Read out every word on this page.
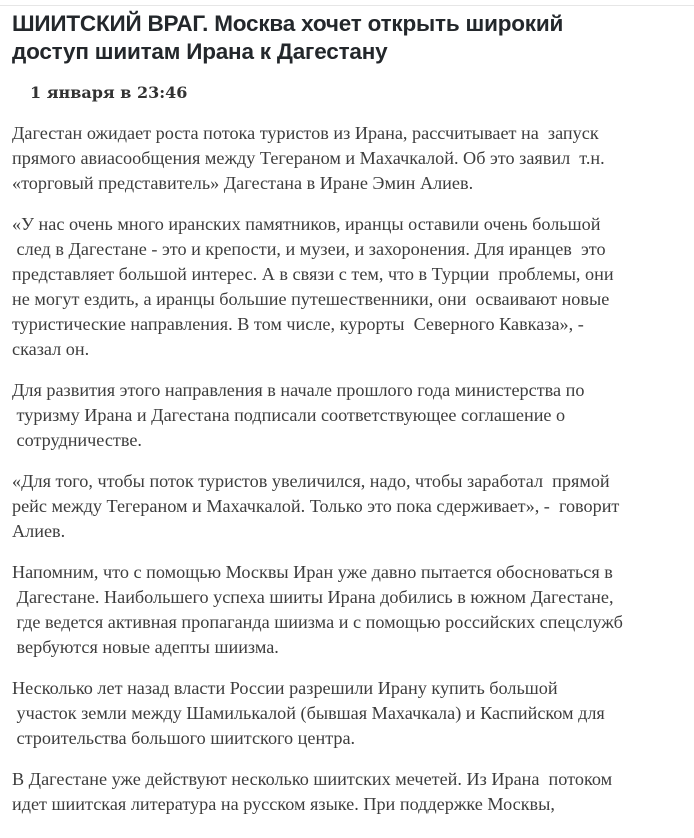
ШИИТСКИЙ ВРАГ. Москва хочет открыть широкий
доступ шиитам Ирана к Дагестану
1 января в 23:46

Дагестан ожидает роста потока туристов из Ирана, рассчитывает на  запуск
прямого авиасообщения между Тегераном и Махачкалой. Об это заявил  т.н.
«торговый представитель» Дагестана в Иране Эмин Алиев.

«У нас очень много иранских памятников, иранцы оставили очень большой
след в Дагестане - это и крепости, и музеи, и захоронения. Для иранцев  это
представляет большой интерес. А в связи с тем, что в Турции  проблемы, они
не могут ездить, а иранцы большие путешественники, они  осваивают новые
туристические направления. В том числе, курорты  Северного Кавказа», -
сказал он.

Для развития этого направления в начале прошлого года министерства по
туризму Ирана и Дагестана подписали соответствующее соглашение о
сотрудничестве.

«Для того, чтобы поток туристов увеличился, надо, чтобы заработал  прямой
рейс между Тегераном и Махачкалой. Только это пока сдерживает», -  говорит
Алиев.

Напомним, что с помощью Москвы Иран уже давно пытается обосноваться в
Дагестане. Наибольшего успеха шииты Ирана добились в южном Дагестане,
где ведется активная пропаганда шиизма и с помощью российских спецслужб
вербуются новые адепты шиизма.

Несколько лет назад власти России разрешили Ирану купить большой
участок земли между Шамилькалой (бывшая Махачкала) и Каспийском для
строительства большого шиитского центра.

В Дагестане уже действуют несколько шиитских мечетей. Из Ирана  потоком
идет шиитская литература на русском языке. При поддержке Москвы,
